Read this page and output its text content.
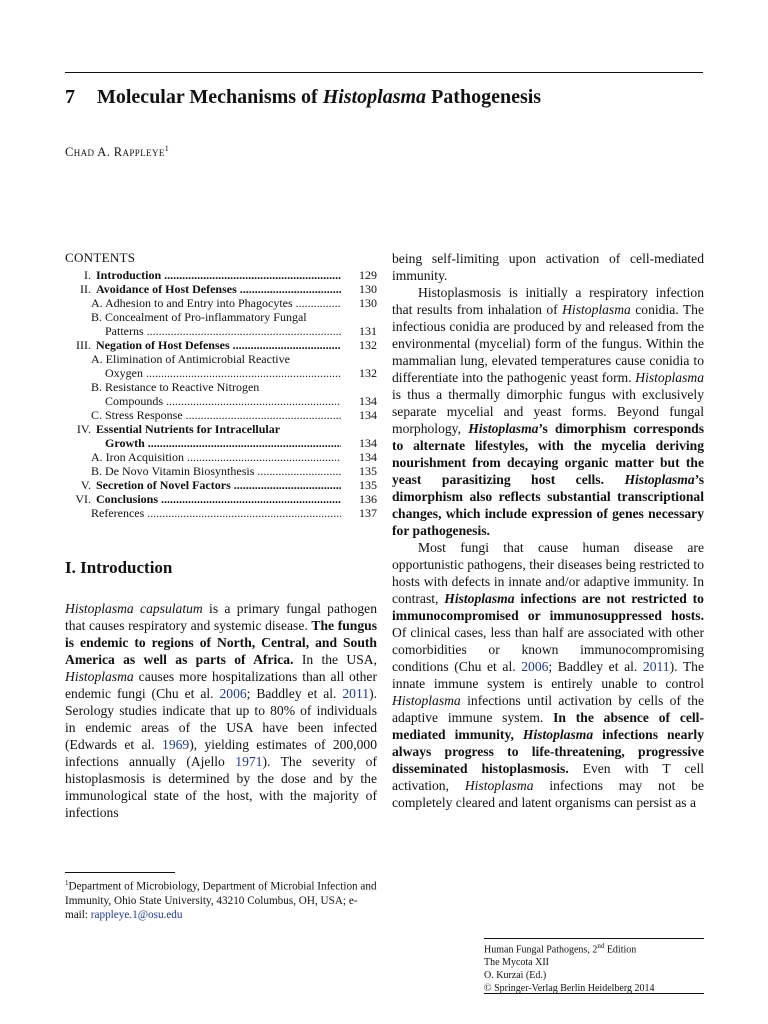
7 Molecular Mechanisms of Histoplasma Pathogenesis
Chad A. Rappleye$^1$
CONTENTS
I. Introduction .....	129
II. Avoidance of Host Defenses .....	130
A. Adhesion to and Entry into Phagocytes .....	130
B. Concealment of Pro-inflammatory Fungal
Patterns .....	131
III. Negation of Host Defenses .....	132
A. Elimination of Antimicrobial Reactive
Oxygen .....	132
B. Resistance to Reactive Nitrogen
Compounds .....	134
C. Stress Response .....	134
IV. Essential Nutrients for Intracellular
Growth .....	134
A. Iron Acquisition .....	134
B. De Novo Vitamin Biosynthesis .....	135
V. Secretion of Novel Factors .....	135
VI. Conclusions .....	136
References .....	137
I. Introduction

Histoplasma capsulatum is a primary fungal pathogen that causes respiratory and systemic disease. The fungus is endemic to regions of North, Central, and South America as well as parts of Africa. In the USA, Histoplasma causes more hospitalizations than all other endemic fungi (Chu et al. 2006; Baddley et al. 2011). Serology studies indicate that up to 80% of individuals in endemic areas of the USA have been infected (Edwards et al. 1969), yielding estimates of 200,000 infections annually (Ajello 1971). The severity of histoplasmosis is determined by the dose and by the immunological state of the host, with the majority of infections

$^1$Department of Microbiology, Department of Microbial Infection and Immunity, Ohio State University, 43210 Columbus, OH, USA; e-mail: rappleye.1@osu.edu

being self-limiting upon activation of cell-mediated immunity.

Histoplasmosis is initially a respiratory infection that results from inhalation of Histoplasma conidia. The infectious conidia are produced by and released from the environmental (mycelial) form of the fungus. Within the mammalian lung, elevated temperatures cause conidia to differentiate into the pathogenic yeast form. Histoplasma is thus a thermally dimorphic fungus with exclusively separate mycelial and yeast forms. Beyond fungal morphology, Histoplasma’s dimorphism corresponds to alternate lifestyles, with the mycelia deriving nourishment from decaying organic matter but the yeast parasitizing host cells. Histoplasma’s dimorphism also reflects substantial transcriptional changes, which include expression of genes necessary for pathogenesis.

Most fungi that cause human disease are opportunistic pathogens, their diseases being restricted to hosts with defects in innate and/or adaptive immunity. In contrast, Histoplasma infections are not restricted to immunocompromised or immunosuppressed hosts. Of clinical cases, less than half are associated with other comorbidities or known immunocompromising conditions (Chu et al. 2006; Baddley et al. 2011). The innate immune system is entirely unable to control Histoplasma infections until activation by cells of the adaptive immune system. In the absence of cell-mediated immunity, Histoplasma infections nearly always progress to life-threatening, progressive disseminated histoplasmosis. Even with T cell activation, Histoplasma infections may not be completely cleared and latent organisms can persist as a

Human Fungal Pathogens, 2nd Edition
The Mycota XII
O. Kurzai (Ed.)
© Springer-Verlag Berlin Heidelberg 2014
